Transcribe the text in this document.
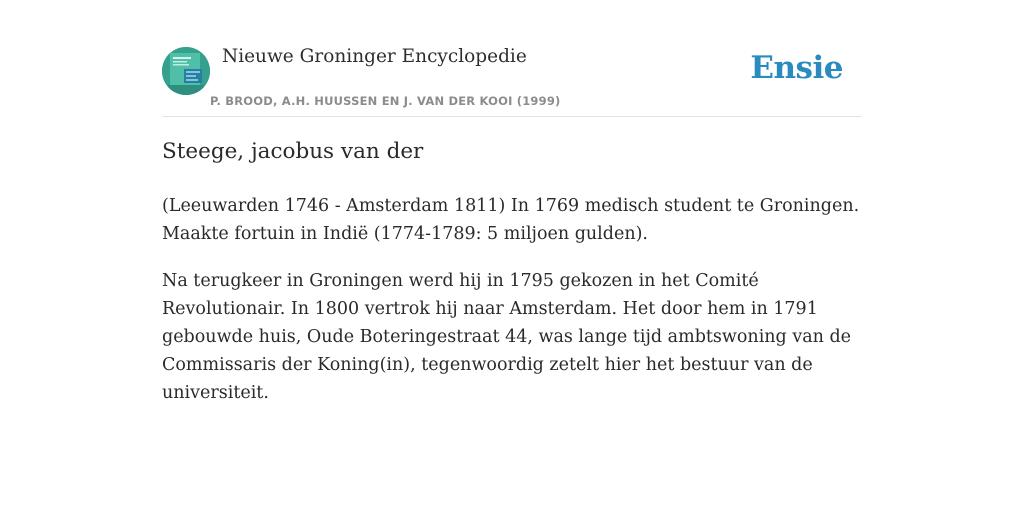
Nieuwe Groninger Encyclopedie
P. BROOD, A.H. HUUSSEN EN J. VAN DER KOOI (1999)
Ensie
Steege, jacobus van der

(Leeuwarden 1746 - Amsterdam 1811) In 1769 medisch student te Groningen. Maakte fortuin in Indië (1774-1789: 5 miljoen gulden).

Na terugkeer in Groningen werd hij in 1795 gekozen in het Comité Revolutionair. In 1800 vertrok hij naar Amsterdam. Het door hem in 1791 gebouwde huis, Oude Boteringestraat 44, was lange tijd ambtswoning van de Commissaris der Koning(in), tegenwoordig zetelt hier het bestuur van de universiteit.
